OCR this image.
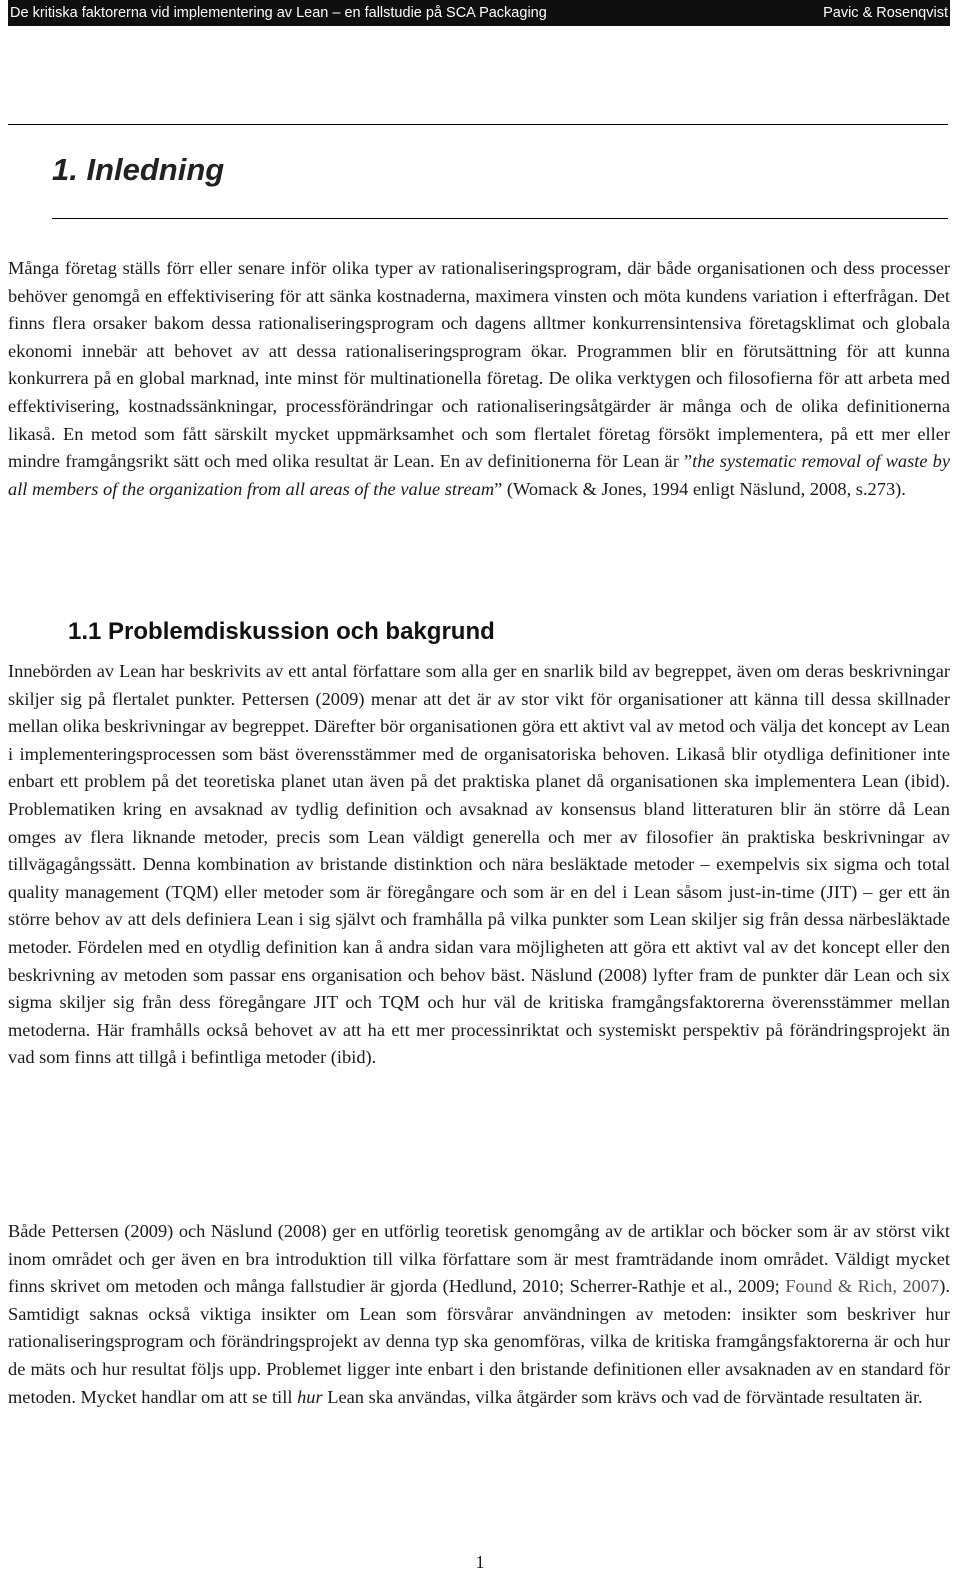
De kritiska faktorerna vid implementering av Lean – en fallstudie på SCA Packaging	Pavic & Rosenqvist
1. Inledning

Många företag ställs förr eller senare inför olika typer av rationaliseringsprogram, där både organisationen och dess processer behöver genomgå en effektivisering för att sänka kostnaderna, maximera vinsten och möta kundens variation i efterfrågan. Det finns flera orsaker bakom dessa rationaliseringsprogram och dagens alltmer konkurrensintensiva företagsklimat och globala ekonomi innebär att behovet av att dessa rationaliseringsprogram ökar. Programmen blir en förutsättning för att kunna konkurrera på en global marknad, inte minst för multinationella företag. De olika verktygen och filosofierna för att arbeta med effektivisering, kostnadssänkningar, processförändringar och rationaliseringsåtgärder är många och de olika definitionerna likaså. En metod som fått särskilt mycket uppmärksamhet och som flertalet företag försökt implementera, på ett mer eller mindre framgångsrikt sätt och med olika resultat är Lean. En av definitionerna för Lean är ”the systematic removal of waste by all members of the organization from all areas of the value stream” (Womack & Jones, 1994 enligt Näslund, 2008, s.273).

1.1 Problemdiskussion och bakgrund

Innebörden av Lean har beskrivits av ett antal författare som alla ger en snarlik bild av begreppet, även om deras beskrivningar skiljer sig på flertalet punkter. Pettersen (2009) menar att det är av stor vikt för organisationer att känna till dessa skillnader mellan olika beskrivningar av begreppet. Därefter bör organisationen göra ett aktivt val av metod och välja det koncept av Lean i implementeringsprocessen som bäst överensstämmer med de organisatoriska behoven. Likaså blir otydliga definitioner inte enbart ett problem på det teoretiska planet utan även på det praktiska planet då organisationen ska implementera Lean (ibid). Problematiken kring en avsaknad av tydlig definition och avsaknad av konsensus bland litteraturen blir än större då Lean omges av flera liknande metoder, precis som Lean väldigt generella och mer av filosofier än praktiska beskrivningar av tillvägagångssätt. Denna kombination av bristande distinktion och nära besläktade metoder – exempelvis six sigma och total quality management (TQM) eller metoder som är föregångare och som är en del i Lean såsom just-in-time (JIT) – ger ett än större behov av att dels definiera Lean i sig självt och framhålla på vilka punkter som Lean skiljer sig från dessa närbesläktade metoder. Fördelen med en otydlig definition kan å andra sidan vara möjligheten att göra ett aktivt val av det koncept eller den beskrivning av metoden som passar ens organisation och behov bäst. Näslund (2008) lyfter fram de punkter där Lean och six sigma skiljer sig från dess föregångare JIT och TQM och hur väl de kritiska framgångsfaktorerna överensstämmer mellan metoderna. Här framhålls också behovet av att ha ett mer processinriktat och systemiskt perspektiv på förändringsprojekt än vad som finns att tillgå i befintliga metoder (ibid).

Både Pettersen (2009) och Näslund (2008) ger en utförlig teoretisk genomgång av de artiklar och böcker som är av störst vikt inom området och ger även en bra introduktion till vilka författare som är mest framträdande inom området. Väldigt mycket finns skrivet om metoden och många fallstudier är gjorda (Hedlund, 2010; Scherrer-Rathje et al., 2009; Found & Rich, 2007). Samtidigt saknas också viktiga insikter om Lean som försvårar användningen av metoden: insikter som beskriver hur rationaliseringsprogram och förändringsprojekt av denna typ ska genomföras, vilka de kritiska framgångsfaktorerna är och hur de mäts och hur resultat följs upp. Problemet ligger inte enbart i den bristande definitionen eller avsaknaden av en standard för metoden. Mycket handlar om att se till hur Lean ska användas, vilka åtgärder som krävs och vad de förväntade resultaten är.

1
